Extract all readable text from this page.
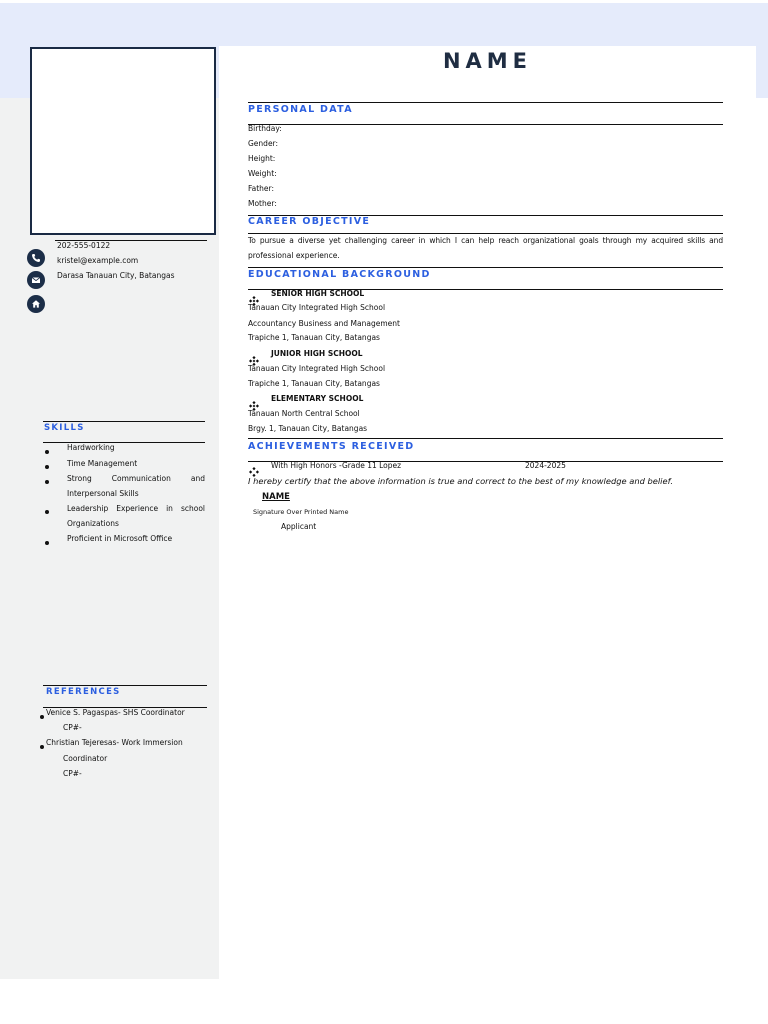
NAME
202-555-0122
kristel@example.com
Darasa Tanauan City, Batangas
SKILLS
Hardworking
Time Management
Strong Communication and
Interpersonal Skills
Leadership Experience in school
Organizations
Proficient in Microsoft Office
REFERENCES
Venice S. Pagaspas- SHS Coordinator
CP#-
Christian Tejeresas- Work Immersion
Coordinator
CP#-
PERSONAL DATA
Birthday:
Gender:
Height:
Weight:
Father:
Mother:
CAREER OBJECTIVE
To pursue a diverse yet challenging career in which I can help reach organizational goals through my acquired skills and
professional experience.
EDUCATIONAL BACKGROUND
SENIOR HIGH SCHOOL
Tanauan City Integrated High School
Accountancy Business and Management
Trapiche 1, Tanauan City, Batangas
JUNIOR HIGH SCHOOL
Tanauan City Integrated High School
Trapiche 1, Tanauan City, Batangas
ELEMENTARY SCHOOL
Tanauan North Central School
Brgy. 1, Tanauan City, Batangas
ACHIEVEMENTS RECEIVED
With High Honors -Grade 11 Lopez	2024-2025
I hereby certify that the above information is true and correct to the best of my knowledge and belief.
NAME
Signature Over Printed Name
Applicant
